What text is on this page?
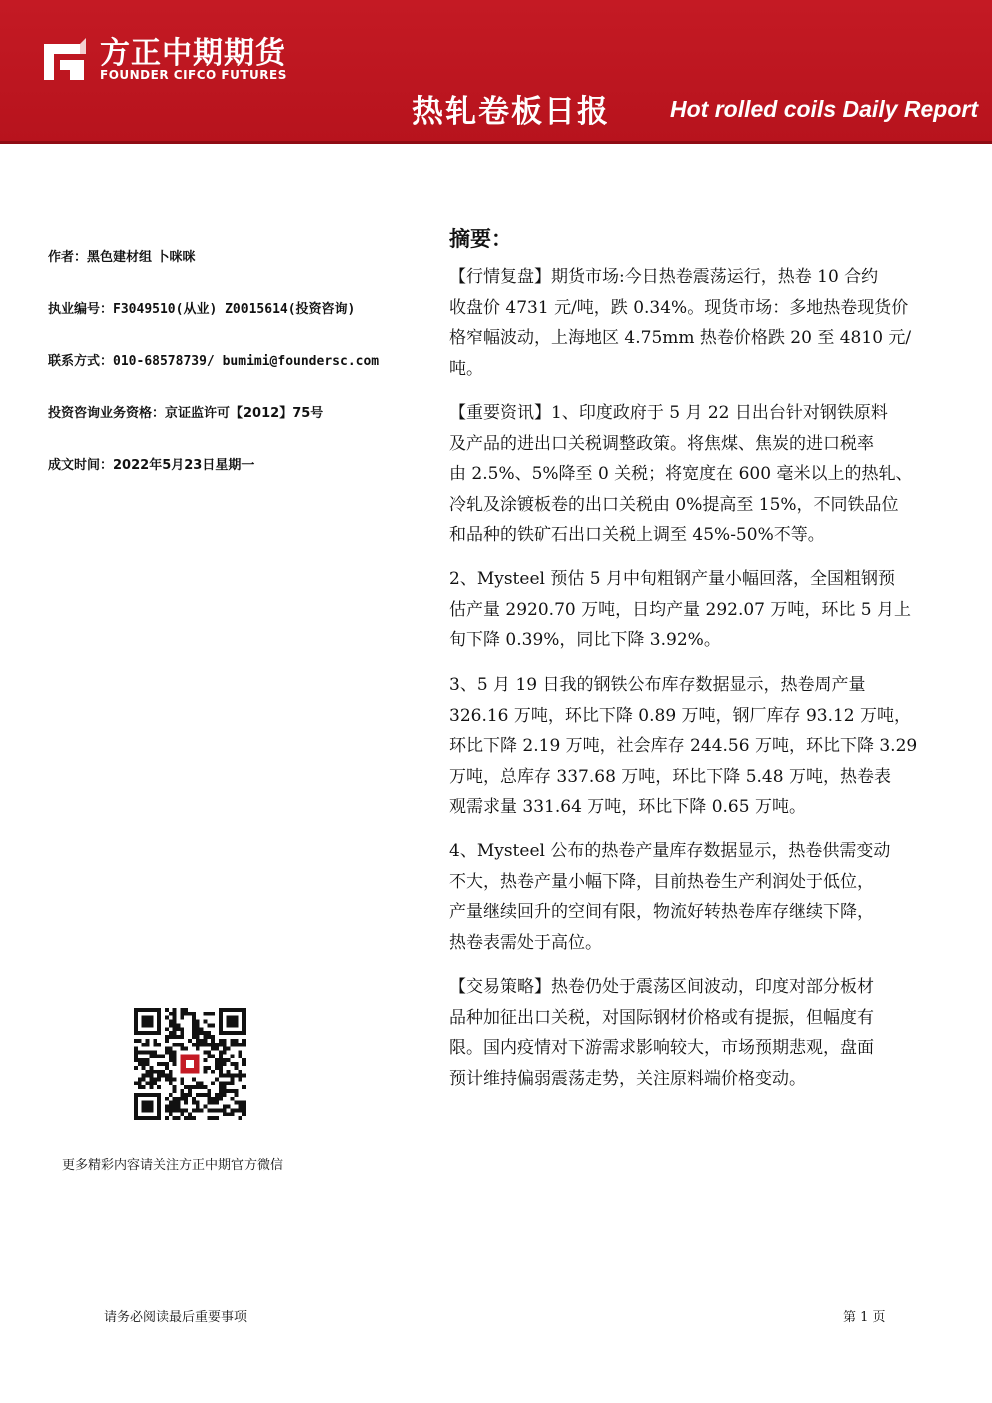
方正中期期货
FOUNDER CIFCO FUTURES
热轧卷板日报	Hot rolled coils Daily Report
作者：黑色建材组 卜咪咪
执业编号：F3049510(从业) Z0015614(投资咨询)
联系方式：010-68578739/ bumimi@foundersc.com
投资咨询业务资格：京证监许可【2012】75号
成文时间：2022年5月23日星期一
摘要：
【行情复盘】期货市场:今日热卷震荡运行，热卷 10 合约
收盘价 4731 元/吨，跌 0.34%。现货市场：多地热卷现货价
格窄幅波动，上海地区 4.75mm 热卷价格跌 20 至 4810 元/
吨。
【重要资讯】1、印度政府于 5 月 22 日出台针对钢铁原料
及产品的进出口关税调整政策。将焦煤、焦炭的进口税率
由 2.5%、5%降至 0 关税；将宽度在 600 毫米以上的热轧、
冷轧及涂镀板卷的出口关税由 0%提高至 15%，不同铁品位
和品种的铁矿石出口关税上调至 45%-50%不等。
2、Mysteel 预估 5 月中旬粗钢产量小幅回落，全国粗钢预
估产量 2920.70 万吨，日均产量 292.07 万吨，环比 5 月上
旬下降 0.39%，同比下降 3.92%。
3、5 月 19 日我的钢铁公布库存数据显示，热卷周产量
326.16 万吨，环比下降 0.89 万吨，钢厂库存 93.12 万吨，
环比下降 2.19 万吨，社会库存 244.56 万吨，环比下降 3.29
万吨，总库存 337.68 万吨，环比下降 5.48 万吨，热卷表
观需求量 331.64 万吨，环比下降 0.65 万吨。
4、Mysteel 公布的热卷产量库存数据显示，热卷供需变动
不大，热卷产量小幅下降，目前热卷生产利润处于低位，
产量继续回升的空间有限，物流好转热卷库存继续下降，
热卷表需处于高位。
【交易策略】热卷仍处于震荡区间波动，印度对部分板材
品种加征出口关税，对国际钢材价格或有提振，但幅度有
限。国内疫情对下游需求影响较大，市场预期悲观，盘面
预计维持偏弱震荡走势，关注原料端价格变动。
更多精彩内容请关注方正中期官方微信
请务必阅读最后重要事项	第 1 页
